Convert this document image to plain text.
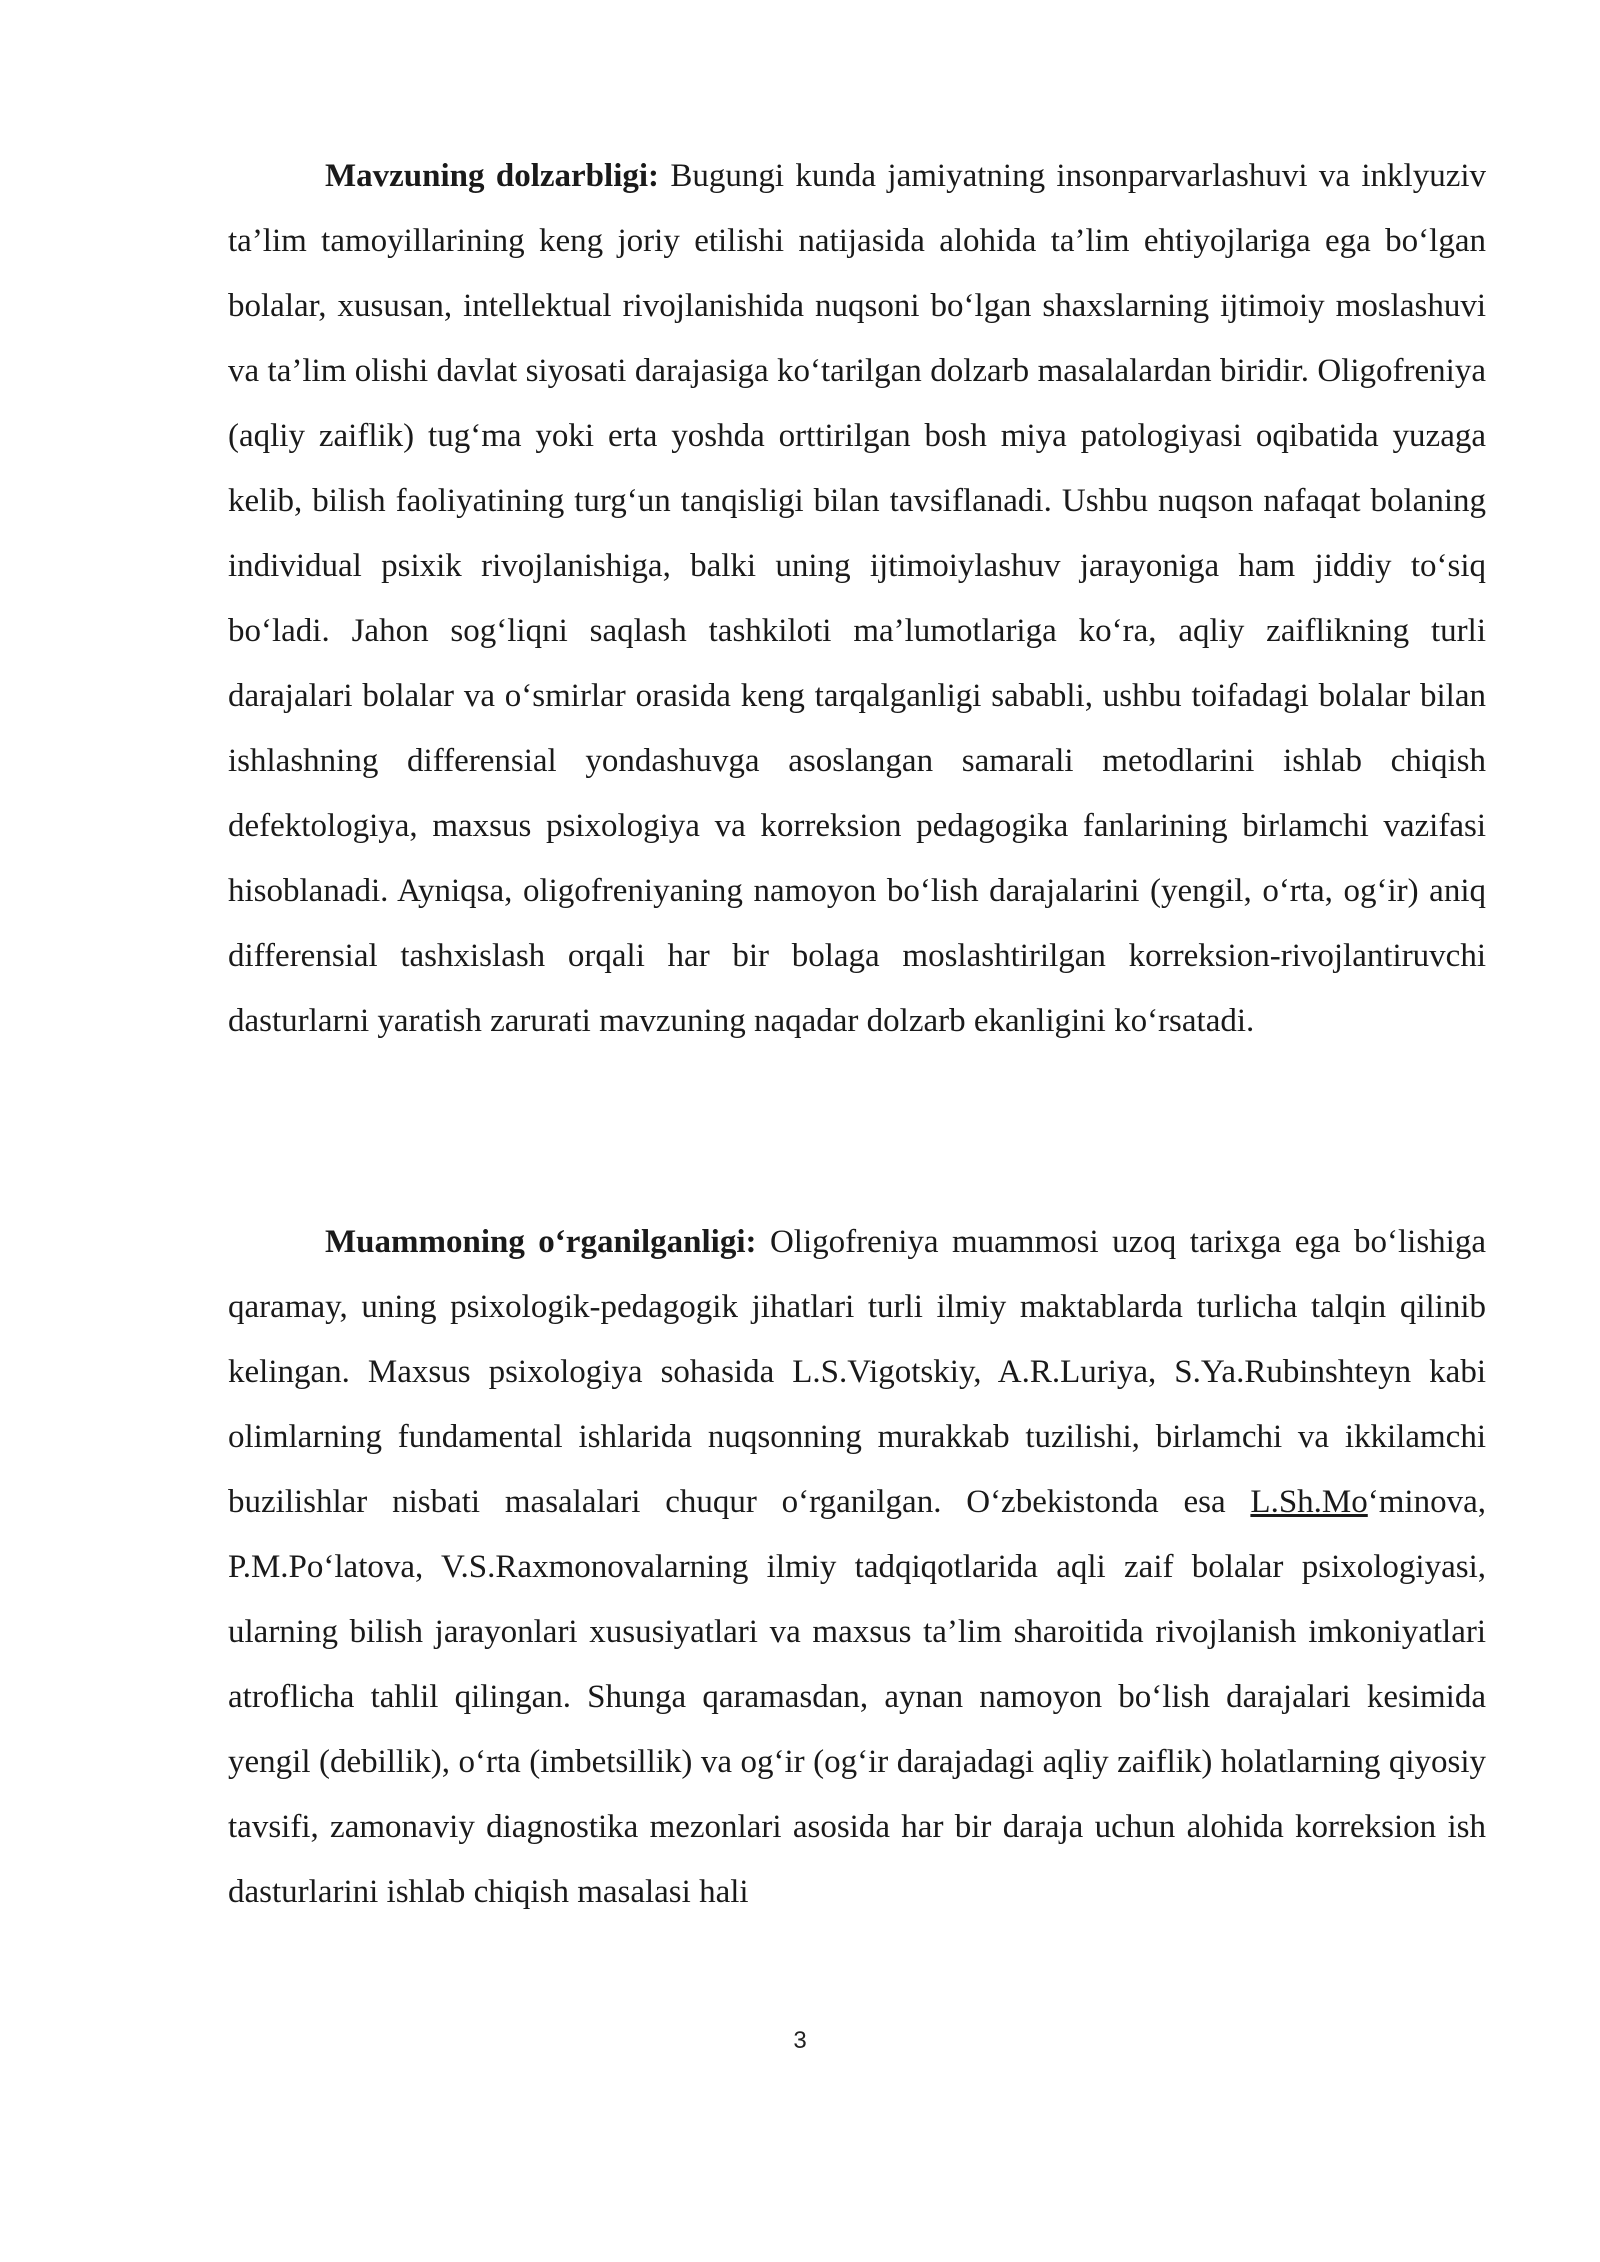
Mavzuning dolzarbligi: Bugungi kunda jamiyatning insonparvarlashuvi va inklyuziv ta’lim tamoyillarining keng joriy etilishi natijasida alohida ta’lim ehtiyojlariga ega boʻlgan bolalar, xususan, intellektual rivojlanishida nuqsoni boʻlgan shaxslarning ijtimoiy moslashuvi va ta’lim olishi davlat siyosati darajasiga koʻtarilgan dolzarb masalalardan biridir. Oligofreniya (aqliy zaiflik) tugʻma yoki erta yoshda orttirilgan bosh miya patologiyasi oqibatida yuzaga kelib, bilish faoliyatining turgʻun tanqisligi bilan tavsiflanadi. Ushbu nuqson nafaqat bolaning individual psixik rivojlanishiga, balki uning ijtimoiylashuv jarayoniga ham jiddiy toʻsiq boʻladi. Jahon sogʻliqni saqlash tashkiloti ma’lumotlariga koʻra, aqliy zaiflikning turli darajalari bolalar va oʻsmirlar orasida keng tarqalganligi sababli, ushbu toifadagi bolalar bilan ishlashning differensial yondashuvga asoslangan samarali metodlarini ishlab chiqish defektologiya, maxsus psixologiya va korreksion pedagogika fanlarining birlamchi vazifasi hisoblanadi. Ayniqsa, oligofreniyaning namoyon boʻlish darajalarini (yengil, oʻrta, ogʻir) aniq differensial tashxislash orqali har bir bolaga moslashtirilgan korreksion-rivojlantiruvchi dasturlarni yaratish zarurati mavzuning naqadar dolzarb ekanligini koʻrsatadi.

Muammoning oʻrganilganligi: Oligofreniya muammosi uzoq tarixga ega boʻlishiga qaramay, uning psixologik-pedagogik jihatlari turli ilmiy maktablarda turlicha talqin qilinib kelingan. Maxsus psixologiya sohasida L.S.Vigotskiy, A.R.Luriya, S.Ya.Rubinshteyn kabi olimlarning fundamental ishlarida nuqsonning murakkab tuzilishi, birlamchi va ikkilamchi buzilishlar nisbati masalalari chuqur oʻrganilgan. Oʻzbekistonda esa L.Sh.Moʻminova, P.M.Poʻlatova, V.S.Raxmonovalarning ilmiy tadqiqotlarida aqli zaif bolalar psixologiyasi, ularning bilish jarayonlari xususiyatlari va maxsus ta’lim sharoitida rivojlanish imkoniyatlari atroflicha tahlil qilingan. Shunga qaramasdan, aynan namoyon boʻlish darajalari kesimida yengil (debillik), oʻrta (imbetsillik) va ogʻir (ogʻir darajadagi aqliy zaiflik) holatlarning qiyosiy tavsifi, zamonaviy diagnostika mezonlari asosida har bir daraja uchun alohida korreksion ish dasturlarini ishlab chiqish masalasi hali

3
